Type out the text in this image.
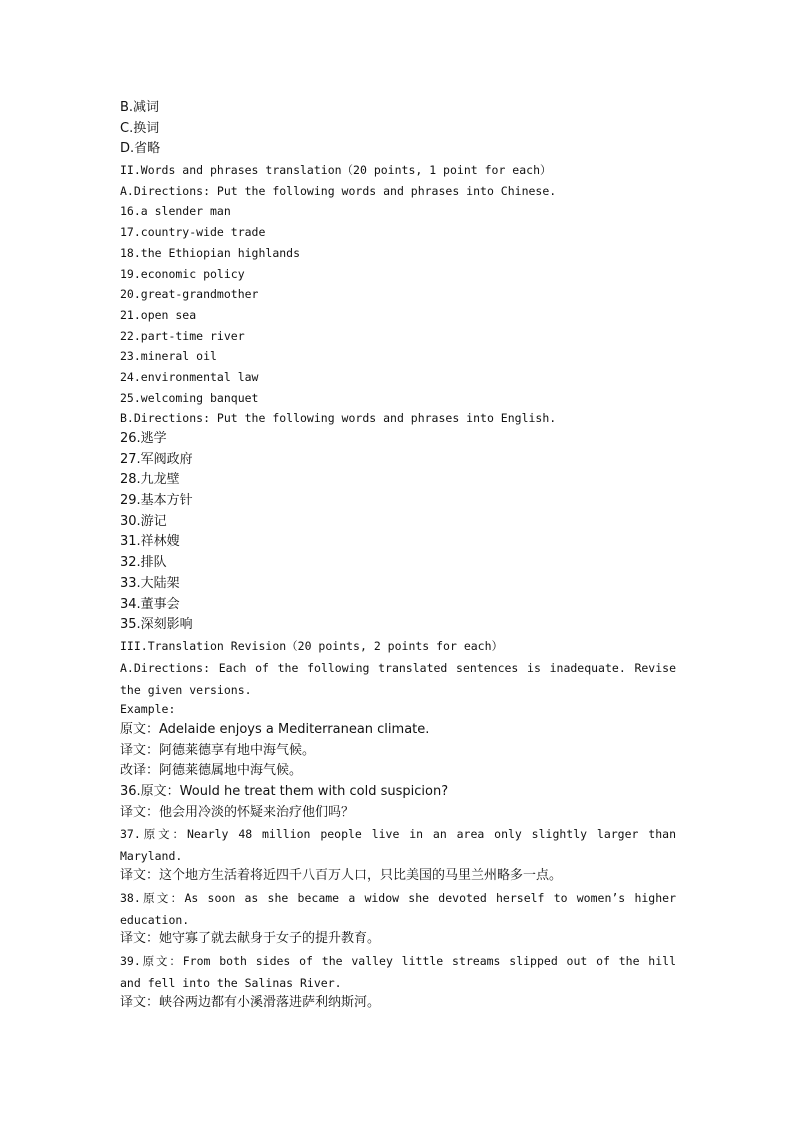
B.减词
C.换词
D.省略
II.Words and phrases translation（20 points, 1 point for each）
A.Directions: Put the following words and phrases into Chinese.
16.a slender man
17.country-wide trade
18.the Ethiopian highlands
19.economic policy
20.great-grandmother
21.open sea
22.part-time river
23.mineral oil
24.environmental law
25.welcoming banquet
B.Directions: Put the following words and phrases into English.
26.逃学
27.军阀政府
28.九龙壁
29.基本方针
30.游记
31.祥林嫂
32.排队
33.大陆架
34.董事会
35.深刻影响
III.Translation Revision（20 points, 2 points for each）
A.Directions: Each of the following translated sentences is inadequate. Revise
the given versions.
Example:
原文：Adelaide enjoys a Mediterranean climate.
译文：阿德莱德享有地中海气候。
改译：阿德莱德属地中海气候。
36.原文：Would he treat them with cold suspicion?
译文：他会用冷淡的怀疑来治疗他们吗？
37.原文：Nearly 48 million people live in an area only slightly larger than
Maryland.
译文：这个地方生活着将近四千八百万人口，只比美国的马里兰州略多一点。
38.原文：As soon as she became a widow she devoted herself to women’s higher
education.
译文：她守寡了就去献身于女子的提升教育。
39.原文：From both sides of the valley little streams slipped out of the hill
and fell into the Salinas River.
译文：峡谷两边都有小溪滑落进萨利纳斯河。
